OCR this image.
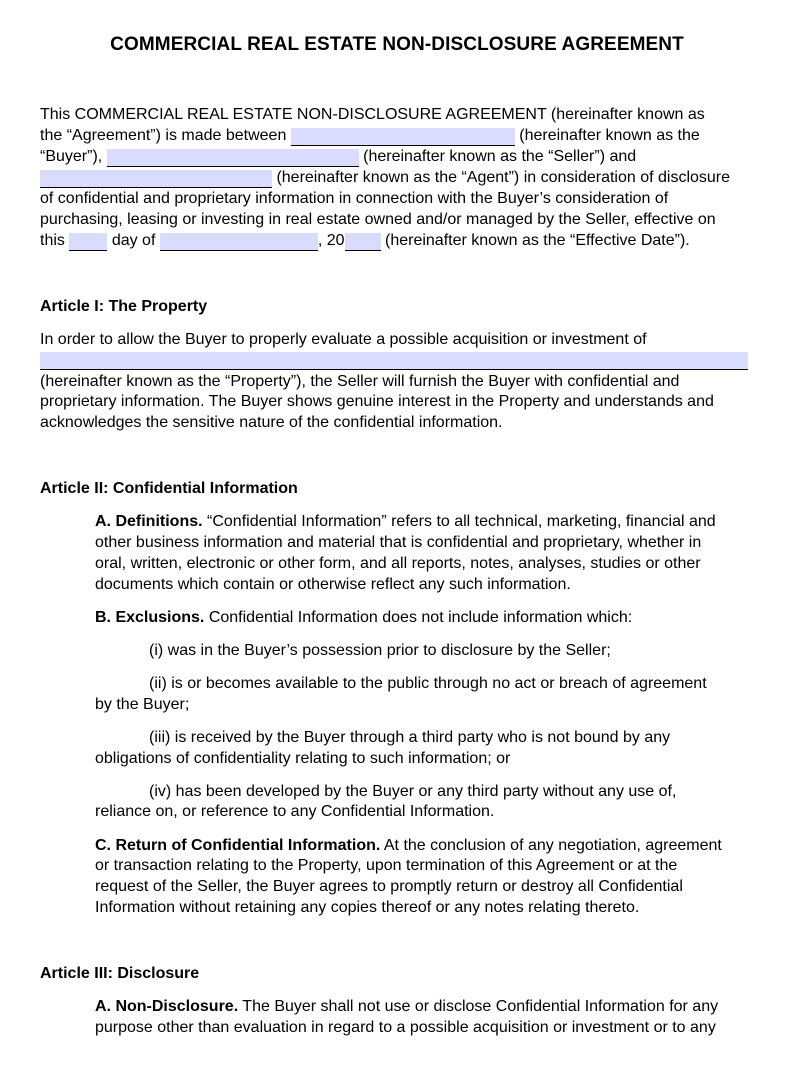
COMMERCIAL REAL ESTATE NON-DISCLOSURE AGREEMENT
This COMMERCIAL REAL ESTATE NON-DISCLOSURE AGREEMENT (hereinafter known as
the “Agreement”) is made between	(hereinafter known as the
“Buyer”),	(hereinafter known as the “Seller”) and
(hereinafter known as the “Agent”) in consideration of disclosure
of confidential and proprietary information in connection with the Buyer’s consideration of
purchasing, leasing or investing in real estate owned and/or managed by the Seller, effective on
this	day of	, 20	(hereinafter known as the “Effective Date”).
Article I: The Property
In order to allow the Buyer to properly evaluate a possible acquisition or investment of
(hereinafter known as the “Property”), the Seller will furnish the Buyer with confidential and
proprietary information. The Buyer shows genuine interest in the Property and understands and
acknowledges the sensitive nature of the confidential information.
Article II: Confidential Information
A. Definitions. “Confidential Information” refers to all technical, marketing, financial and
other business information and material that is confidential and proprietary, whether in
oral, written, electronic or other form, and all reports, notes, analyses, studies or other
documents which contain or otherwise reflect any such information.
B. Exclusions. Confidential Information does not include information which:
(i) was in the Buyer’s possession prior to disclosure by the Seller;
(ii) is or becomes available to the public through no act or breach of agreement
by the Buyer;
(iii) is received by the Buyer through a third party who is not bound by any
obligations of confidentiality relating to such information; or
(iv) has been developed by the Buyer or any third party without any use of,
reliance on, or reference to any Confidential Information.
C. Return of Confidential Information. At the conclusion of any negotiation, agreement
or transaction relating to the Property, upon termination of this Agreement or at the
request of the Seller, the Buyer agrees to promptly return or destroy all Confidential
Information without retaining any copies thereof or any notes relating thereto.
Article III: Disclosure
A. Non-Disclosure. The Buyer shall not use or disclose Confidential Information for any
purpose other than evaluation in regard to a possible acquisition or investment or to any
